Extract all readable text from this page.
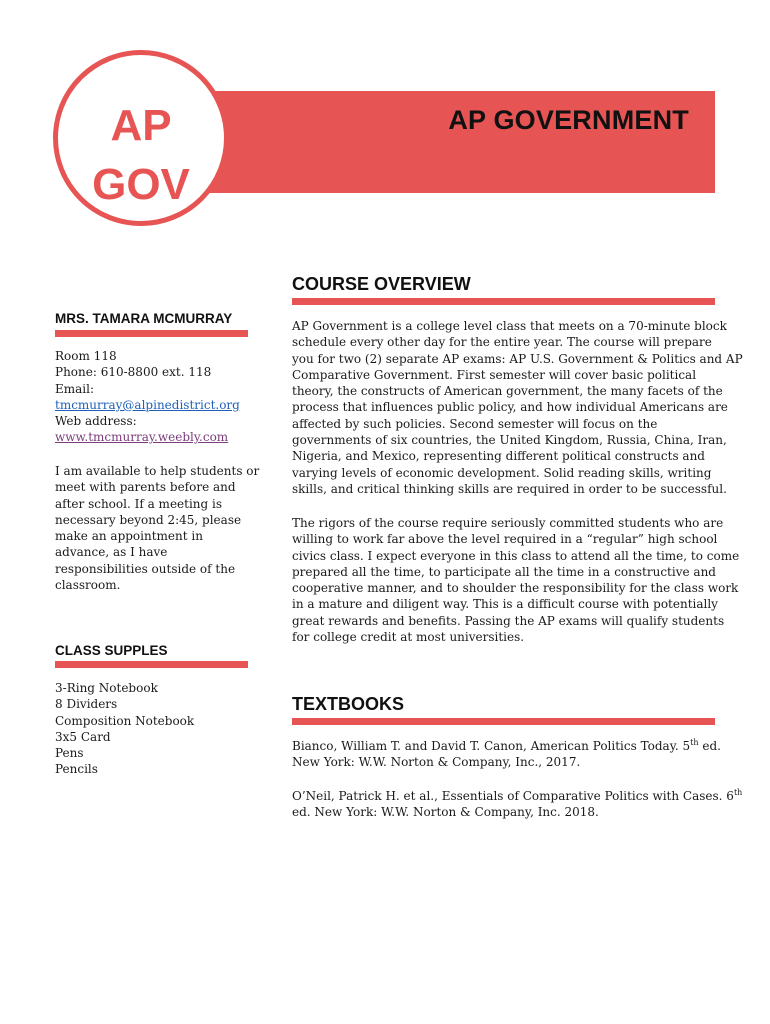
AP GOVERNMENT
AP
GOV
MRS. TAMARA MCMURRAY
Room 118
Phone: 610-8800 ext. 118
Email:
tmcmurray@alpinedistrict.org
Web address:
www.tmcmurray.weebly.com
I am available to help students or
meet with parents before and
after school. If a meeting is
necessary beyond 2:45, please
make an appointment in
advance, as I have
responsibilities outside of the
classroom.
CLASS SUPPLES
3-Ring Notebook
8 Dividers
Composition Notebook
3x5 Card
Pens
Pencils
COURSE OVERVIEW
AP Government is a college level class that meets on a 70-minute block
schedule every other day for the entire year. The course will prepare
you for two (2) separate AP exams: AP U.S. Government & Politics and AP
Comparative Government. First semester will cover basic political
theory, the constructs of American government, the many facets of the
process that influences public policy, and how individual Americans are
affected by such policies. Second semester will focus on the
governments of six countries, the United Kingdom, Russia, China, Iran,
Nigeria, and Mexico, representing different political constructs and
varying levels of economic development. Solid reading skills, writing
skills, and critical thinking skills are required in order to be successful.
The rigors of the course require seriously committed students who are
willing to work far above the level required in a “regular” high school
civics class. I expect everyone in this class to attend all the time, to come
prepared all the time, to participate all the time in a constructive and
cooperative manner, and to shoulder the responsibility for the class work
in a mature and diligent way. This is a difficult course with potentially
great rewards and benefits. Passing the AP exams will qualify students
for college credit at most universities.
TEXTBOOKS
Bianco, William T. and David T. Canon, American Politics Today. 5th ed.
New York: W.W. Norton & Company, Inc., 2017.
O’Neil, Patrick H. et al., Essentials of Comparative Politics with Cases. 6th
ed. New York: W.W. Norton & Company, Inc. 2018.
